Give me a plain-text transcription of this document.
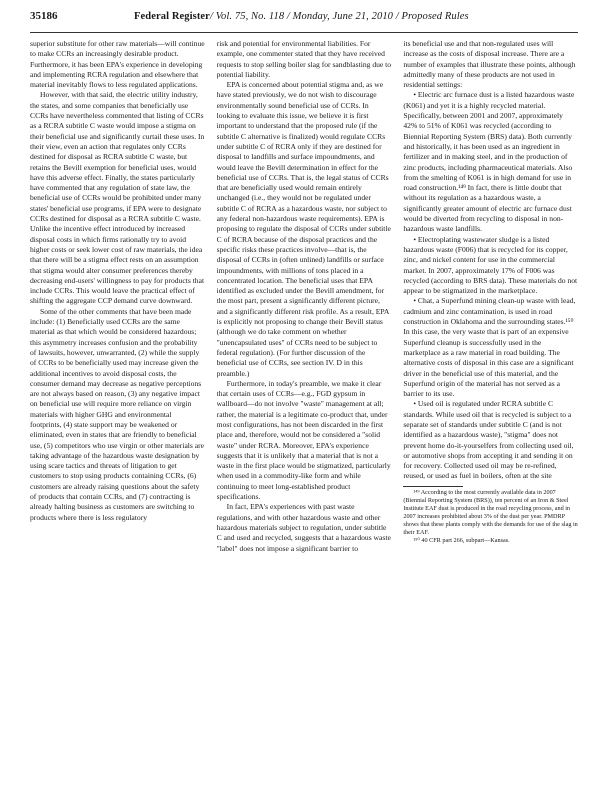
35186	Federal Register/ Vol. 75, No. 118 / Monday, June 21, 2010 / Proposed Rules

superior substitute for other raw materials—will continue to make CCRs an increasingly desirable product. Furthermore, it has been EPA's experience in developing and implementing RCRA regulation and elsewhere that material inevitably flows to less regulated applications.

However, with that said, the electric utility industry, the states, and some companies that beneficially use CCRs have nevertheless commented that listing of CCRs as a RCRA subtitle C waste would impose a stigma on their beneficial use and significantly curtail these uses. In their view, even an action that regulates only CCRs destined for disposal as RCRA subtitle C waste, but retains the Bevill exemption for beneficial uses, would have this adverse effect. Finally, the states particularly have commented that any regulation of state law, the beneficial use of CCRs would be prohibited under many states' beneficial use programs, if EPA were to designate CCRs destined for disposal as a RCRA subtitle C waste. Unlike the incentive effect introduced by increased disposal costs in which firms rationally try to avoid higher costs or seek lower cost of raw materials, the idea that there will be a stigma effect rests on an assumption that stigma would alter consumer preferences thereby decreasing end-users' willingness to pay for products that include CCRs. This would leave the practical effect of shifting the aggregate CCP demand curve downward.

Some of the other comments that have been made include: (1) Beneficially used CCRs are the same material as that which would be considered hazardous; this asymmetry increases confusion and the probability of lawsuits, however, unwarranted, (2) while the supply of CCRs to be beneficially used may increase given the additional incentives to avoid disposal costs, the consumer demand may decrease as negative perceptions are not always based on reason, (3) any negative impact on beneficial use will require more reliance on virgin materials with higher GHG and environmental footprints, (4) state support may be weakened or eliminated, even in states that are friendly to beneficial use, (5) competitors who use virgin or other materials are taking advantage of the hazardous waste designation by using scare tactics and threats of litigation to get customers to stop using products containing CCRs, (6) customers are already raising questions about the safety of products that contain CCRs, and (7) contracting is already halting business as customers are switching to products where there is less regulatory

risk and potential for environmental liabilities. For example, one commenter stated that they have received requests to stop selling boiler slag for sandblasting due to potential liability.

EPA is concerned about potential stigma and, as we have stated previously, we do not wish to discourage environmentally sound beneficial use of CCRs. In looking to evaluate this issue, we believe it is first important to understand that the proposed rule (if the subtitle C alternative is finalized) would regulate CCRs under subtitle C of RCRA only if they are destined for disposal to landfills and surface impoundments, and would leave the Bevill determination in effect for the beneficial use of CCRs. That is, the legal status of CCRs that are beneficially used would remain entirely unchanged (i.e., they would not be regulated under subtitle C of RCRA as a hazardous waste, nor subject to any federal non-hazardous waste requirements). EPA is proposing to regulate the disposal of CCRs under subtitle C of RCRA because of the disposal practices and the specific risks these practices involve—that is, the disposal of CCRs in (often unlined) landfills or surface impoundments, with millions of tons placed in a concentrated location. The beneficial uses that EPA identified as excluded under the Bevill amendment, for the most part, present a significantly different picture, and a significantly different risk profile. As a result, EPA is explicitly not proposing to change their Bevill status (although we do take comment on whether "unencapsulated uses" of CCRs need to be subject to federal regulation). (For further discussion of the beneficial use of CCRs, see section IV. D in this preamble.)

Furthermore, in today's preamble, we make it clear that certain uses of CCRs—e.g., FGD gypsum in wallboard—do not involve "waste" management at all; rather, the material is a legitimate co-product that, under most configurations, has not been discarded in the first place and, therefore, would not be considered a "solid waste" under RCRA. Moreover, EPA's experience suggests that it is unlikely that a material that is not a waste in the first place would be stigmatized, particularly when used in a commodity-like form and while continuing to meet long-established product specifications.

In fact, EPA's experiences with past waste regulations, and with other hazardous waste and other hazardous materials subject to regulation, under subtitle C and used and recycled, suggests that a hazardous waste "label" does not impose a significant barrier to

its beneficial use and that non-regulated uses will increase as the costs of disposal increase. There are a number of examples that illustrate these points, although admittedly many of these products are not used in residential settings:

• Electric arc furnace dust is a listed hazardous waste (K061) and yet it is a highly recycled material. Specifically, between 2001 and 2007, approximately 42% to 51% of K061 was recycled (according to Biennial Reporting System (BRS) data). Both currently and historically, it has been used as an ingredient in fertilizer and in making steel, and in the production of zinc products, including pharmaceutical materials. Also from the smelting of K061 is in high demand for use in road construction.¹⁴⁹ In fact, there is little doubt that without its regulation as a hazardous waste, a significantly greater amount of electric arc furnace dust would be diverted from recycling to disposal in non-hazardous waste landfills.

• Electroplating wastewater sludge is a listed hazardous waste (F006) that is recycled for its copper, zinc, and nickel content for use in the commercial market. In 2007, approximately 17% of F006 was recycled (according to BRS data). These materials do not appear to be stigmatized in the marketplace.

• Chat, a Superfund mining clean-up waste with lead, cadmium and zinc contamination, is used in road construction in Oklahoma and the surrounding states.¹⁵⁰ In this case, the very waste that is part of an expensive Superfund cleanup is successfully used in the marketplace as a raw material in road building. The alternative costs of disposal in this case are a significant driver in the beneficial use of this material, and the Superfund origin of the material has not served as a barrier to its use.

• Used oil is regulated under RCRA subtitle C standards. While used oil that is recycled is subject to a separate set of standards under subtitle C (and is not identified as a hazardous waste), "stigma" does not prevent home do-it-yourselfers from collecting used oil, or automotive shops from accepting it and sending it on for recovery. Collected used oil may be re-refined, reused, or used as fuel in boilers, often at the site

¹⁴⁹ According to the most currently available data in 2007 (Biennial Reporting System (BRS)), ten percent of an Iron & Steel Institute EAF dust is produced in the road recycling process, and in 2007 increases prohibited about 3% of the dust per year. PMDRP shows that these plants comply with the demands for use of the slag in their EAF.

¹⁵⁰ 40 CFR part 266, subpart—Kansas.
